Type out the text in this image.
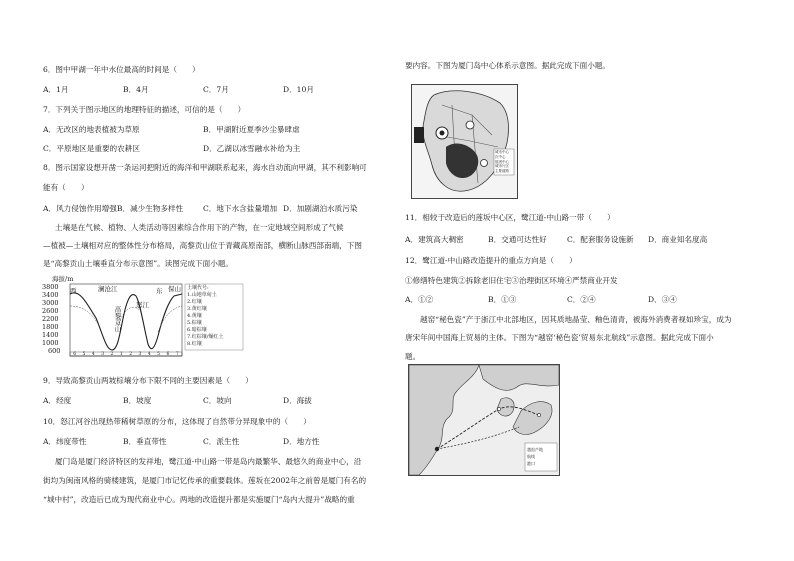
6．图中甲湖一年中水位最高的时间是（　　）
A．1月	B．4月	C．7月	D．10月
7．下列关于图示地区的地理特征的描述，可信的是（　　）
A．无改区的地表植被为草原	B．甲湖附近夏季沙尘暴肆虐
C．平原地区是重要的农耕区	D．乙湖以冰雪融水补给为主
8．图示国家设想开凿一条运河把附近的海洋和甲湖联系起来，海水自动流向甲湖，其不利影响可
能有（　　）
A．风力侵蚀作用增强B．减少生物多样性	C．地下水含盐量增加 D．加剧湖泊水质污染
土壤是在气候、植物、人类活动等因素综合作用下的产物，在一定地域空间形成了气候
—植被—土壤相对应的整体性分布格局，高黎贡山位于青藏高原南部，横断山脉西部南端，下图
是“高黎贡山土壤垂直分布示意图”。读图完成下面小题。
海拔/m
3800
3400
3000
2600
2200
1800
1400
1000
600
西	澜沧江
高黎贡山
怒江
保山
东	土壤代号:
1.山地草甸土
2.红壤
3.黄红壤
4.黄壤
5.棕壤
6.暗棕壤
7.红棕壤/燥红土
8.红壤
6 5 4 3 2 1 2 3 4 5 6 7
9．导致高黎贡山两坡棕壤分布下限不同的主要因素是（　　）
A．经度	B．坡度	C．坡向	D．海拔
10．怒江河谷出现热带稀树草原的分布，这体现了自然带分异现象中的（　　）
A．纬度带性	B．垂直带性	C．派生性	D．地方性
厦门岛是厦门经济特区的发祥地，鹭江道-中山路一带是岛内最繁华、最悠久的商业中心，沿
街均为闽南风格的骑楼建筑，是厦门市记忆传承的重要载体。莲坂在2002年之前曾是厦门有名的
“城中村”，改造后已成为现代商业中心。两地的改造提升都是实施厦门“岛内大提升”战略的重
要内容。下图为厦门岛中心体系示意图。据此完成下面小题。
城市中心
次中心
组团中心
城市片区
主要道路
11．相较于改造后的莲坂中心区，鹭江道-中山路一带（　　）
A．建筑高大稠密	B．交通可达性好	C．配套服务设施新 D．商业知名度高
12．鹭江道-中山路改造提升的重点方向是（　　）
①修缮特色建筑②拆除老旧住宅③治理街区环境④严禁商业开发
A．①②	B．①③	C．②④	D．③④
越窑“秘色瓷”产于浙江中北部地区，因其质地晶莹、釉色清青，被海外消费者视如珍宝，成为
唐宋年间中国海上贸易的主体。下图为“越窑‘秘色瓷’贸易东北航线”示意图。据此完成下面小
题。
越窑产地
航线
港口
